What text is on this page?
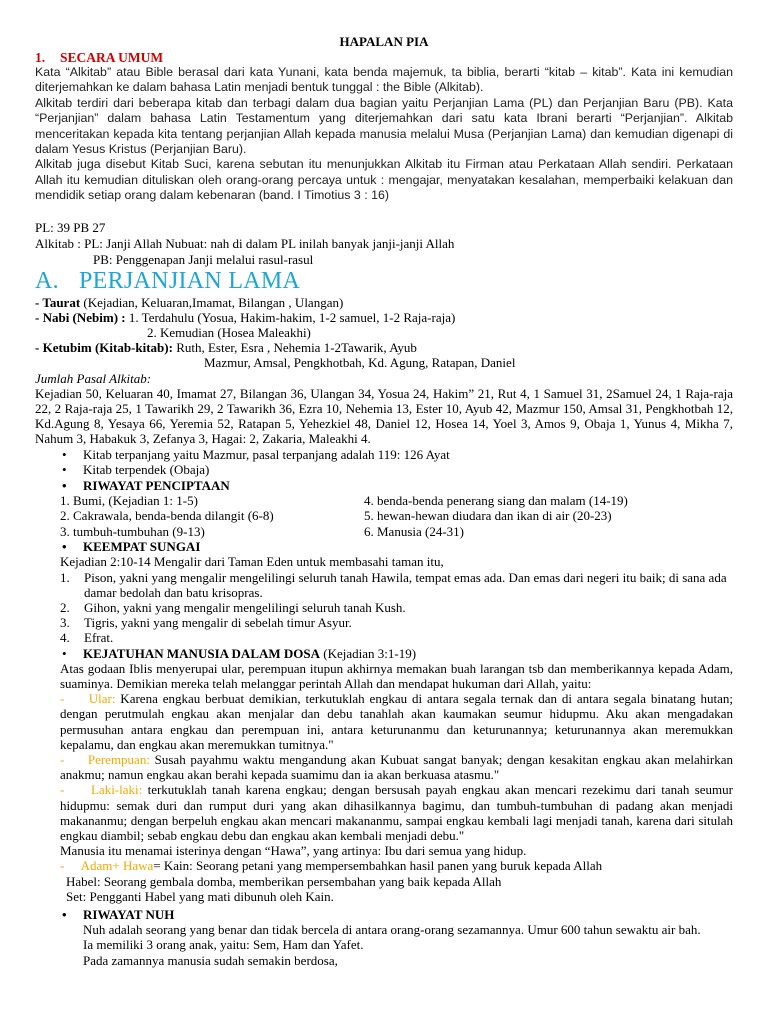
HAPALAN PIA

1. SECARA UMUM

Kata “Alkitab” atau Bible berasal dari kata Yunani, kata benda majemuk, ta biblia, berarti “kitab – kitab”. Kata ini kemudian diterjemahkan ke dalam bahasa Latin menjadi bentuk tunggal : the Bible (Alkitab).

Alkitab terdiri dari beberapa kitab dan terbagi dalam dua bagian yaitu Perjanjian Lama (PL) dan Perjanjian Baru (PB). Kata “Perjanjian” dalam bahasa Latin Testamentum yang diterjemahkan dari satu kata Ibrani berarti “Perjanjian”. Alkitab menceritakan kepada kita tentang perjanjian Allah kepada manusia melalui Musa (Perjanjian Lama) dan kemudian digenapi di dalam Yesus Kristus (Perjanjian Baru).

Alkitab juga disebut Kitab Suci, karena sebutan itu menunjukkan Alkitab itu Firman atau Perkataan Allah sendiri. Perkataan Allah itu kemudian dituliskan oleh orang-orang percaya untuk : mengajar, menyatakan kesalahan, memperbaiki kelakuan dan mendidik setiap orang dalam kebenaran (band. I Timotius 3 : 16)

PL: 39 PB 27

Alkitab : PL: Janji Allah Nubuat: nah di dalam PL inilah banyak janji-janji Allah

PB: Penggenapan Janji melalui rasul-rasul

A. PERJANJIAN LAMA

- Taurat (Kejadian, Keluaran,Imamat, Bilangan , Ulangan)

- Nabi (Nebim) : 1. Terdahulu (Yosua, Hakim-hakim, 1-2 samuel, 1-2 Raja-raja)

2. Kemudian (Hosea Maleakhi)

- Ketubim (Kitab-kitab): Ruth, Ester, Esra , Nehemia 1-2Tawarik, Ayub

Mazmur, Amsal, Pengkhotbah, Kd. Agung, Ratapan, Daniel

Jumlah Pasal Alkitab:

Kejadian 50, Keluaran 40, Imamat 27, Bilangan 36, Ulangan 34, Yosua 24, Hakim” 21, Rut 4, 1 Samuel 31, 2Samuel 24, 1 Raja-raja 22, 2 Raja-raja 25, 1 Tawarikh 29, 2 Tawarikh 36, Ezra 10, Nehemia 13, Ester 10, Ayub 42, Mazmur 150, Amsal 31, Pengkhotbah 12, Kd.Agung 8, Yesaya 66, Yeremia 52, Ratapan 5, Yehezkiel 48, Daniel 12, Hosea 14, Yoel 3, Amos 9, Obaja 1, Yunus 4, Mikha 7, Nahum 3, Habakuk 3, Zefanya 3, Hagai: 2, Zakaria, Maleakhi 4.

• Kitab terpanjang yaitu Mazmur, pasal terpanjang adalah 119: 126 Ayat

• Kitab terpendek (Obaja)

• RIWAYAT PENCIPTAAN

1. Bumi, (Kejadian 1: 1-5)	4. benda-benda penerang siang dan malam (14-19)
2. Cakrawala, benda-benda dilangit (6-8)	5. hewan-hewan diudara dan ikan di air (20-23)
3. tumbuh-tumbuhan (9-13)	6. Manusia (24-31)

• KEEMPAT SUNGAI

Kejadian 2:10-14 Mengalir dari Taman Eden untuk membasahi taman itu,

1.	Pison, yakni yang mengalir mengelilingi seluruh tanah Hawila, tempat emas ada. Dan emas dari negeri itu baik; di sana ada damar bedolah dan batu krisopras.

2.	Gihon, yakni yang mengalir mengelilingi seluruh tanah Kush.

3.	Tigris, yakni yang mengalir di sebelah timur Asyur.

4.	Efrat.

• KEJATUHAN MANUSIA DALAM DOSA (Kejadian 3:1-19)

Atas godaan Iblis menyerupai ular, perempuan itupun akhirnya memakan buah larangan tsb dan memberikannya kepada Adam, suaminya. Demikian mereka telah melanggar perintah Allah dan mendapat hukuman dari Allah, yaitu:

- Ular: Karena engkau berbuat demikian, terkutuklah engkau di antara segala ternak dan di antara segala binatang hutan; dengan perutmulah engkau akan menjalar dan debu tanahlah akan kaumakan seumur hidupmu. Aku akan mengadakan permusuhan antara engkau dan perempuan ini, antara keturunanmu dan keturunannya; keturunannya akan meremukkan kepalamu, dan engkau akan meremukkan tumitnya."

- Perempuan: Susah payahmu waktu mengandung akan Kubuat sangat banyak; dengan kesakitan engkau akan melahirkan anakmu; namun engkau akan berahi kepada suamimu dan ia akan berkuasa atasmu."

- Laki-laki: terkutuklah tanah karena engkau; dengan bersusah payah engkau akan mencari rezekimu dari tanah seumur hidupmu: semak duri dan rumput duri yang akan dihasilkannya bagimu, dan tumbuh-tumbuhan di padang akan menjadi makananmu; dengan berpeluh engkau akan mencari makananmu, sampai engkau kembali lagi menjadi tanah, karena dari situlah engkau diambil; sebab engkau debu dan engkau akan kembali menjadi debu."

Manusia itu menamai isterinya dengan “Hawa”, yang artinya: Ibu dari semua yang hidup.

- Adam+ Hawa= Kain: Seorang petani yang mempersembahkan hasil panen yang buruk kepada Allah

Habel: Seorang gembala domba, memberikan persembahan yang baik kepada Allah

Set: Pengganti Habel yang mati dibunuh oleh Kain.

• RIWAYAT NUH

Nuh adalah seorang yang benar dan tidak bercela di antara orang-orang sezamannya. Umur 600 tahun sewaktu air bah.

Ia memiliki 3 orang anak, yaitu: Sem, Ham dan Yafet.

Pada zamannya manusia sudah semakin berdosa,
